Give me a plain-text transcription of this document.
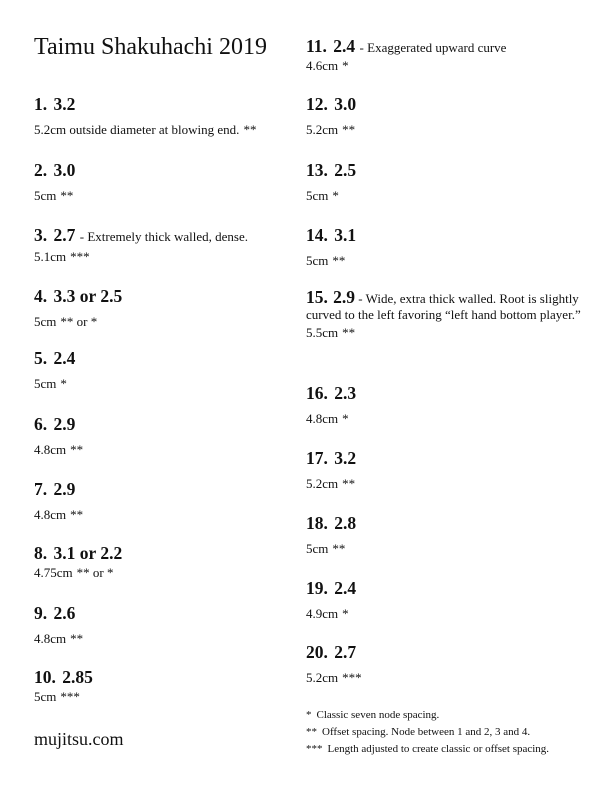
Taimu Shakuhachi 2019
1. 3.2
5.2cm outside diameter at blowing end. **
2. 3.0
5cm **
3. 2.7 - Extremely thick walled, dense.
5.1cm ***
4. 3.3 or 2.5
5cm ** or *
5. 2.4
5cm *
6. 2.9
4.8cm **
7. 2.9
4.8cm **
8. 3.1 or 2.2
4.75cm ** or *
9. 2.6
4.8cm **
10. 2.85
5cm ***
11. 2.4 - Exaggerated upward curve
4.6cm *
12. 3.0
5.2cm **
13. 2.5
5cm *
14. 3.1
5cm **
15. 2.9 - Wide, extra thick walled. Root is slightly curved to the left favoring “left hand bottom player.”
5.5cm **
16. 2.3
4.8cm *
17. 3.2
5.2cm **
18. 2.8
5cm **
19. 2.4
4.9cm *
20. 2.7
5.2cm ***
mujitsu.com
* Classic seven node spacing.
** Offset spacing. Node between 1 and 2, 3 and 4.
*** Length adjusted to create classic or offset spacing.
